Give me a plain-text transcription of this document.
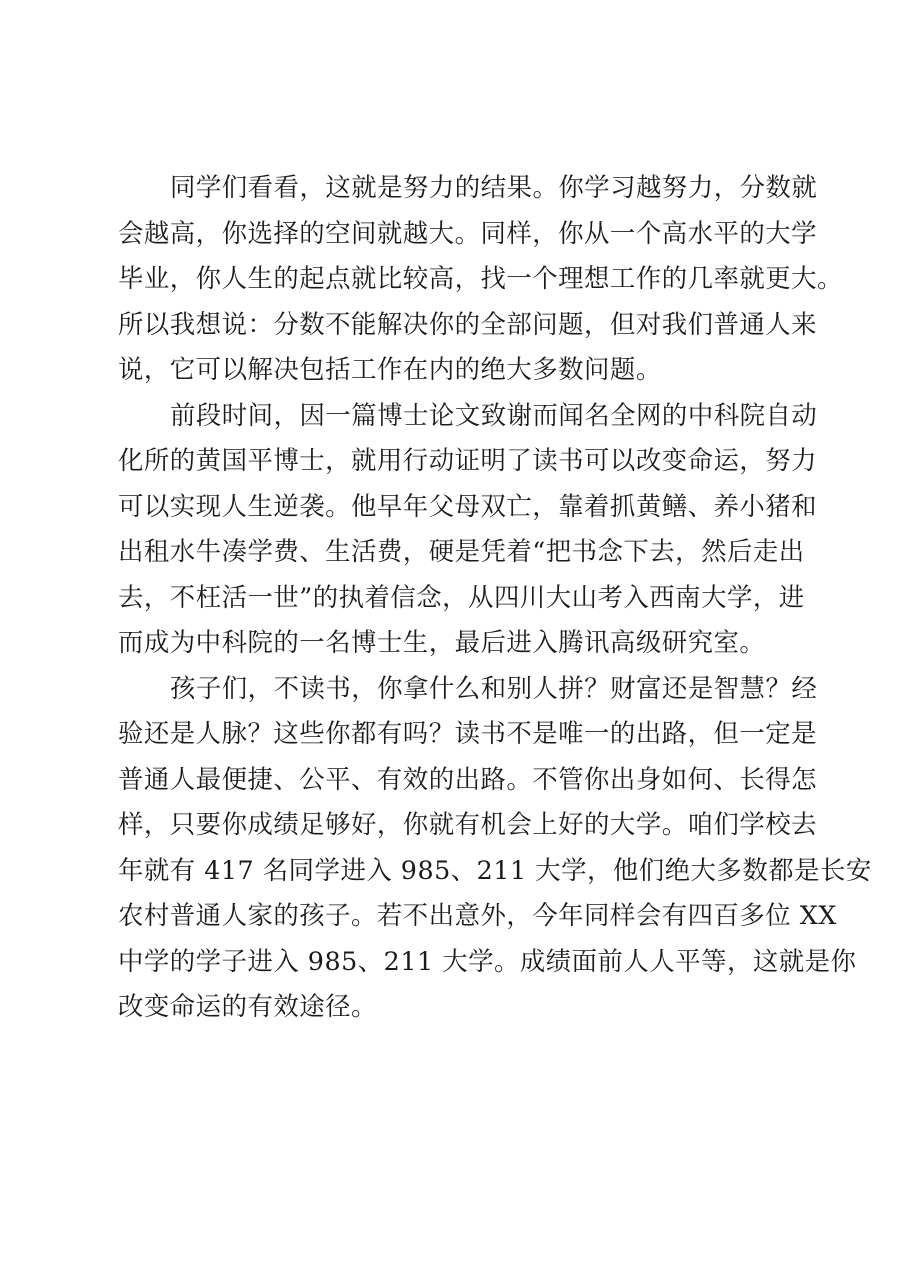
同学们看看，这就是努力的结果。你学习越努力，分数就
会越高，你选择的空间就越大。同样，你从一个高水平的大学
毕业，你人生的起点就比较高，找一个理想工作的几率就更大。
所以我想说：分数不能解决你的全部问题，但对我们普通人来
说，它可以解决包括工作在内的绝大多数问题。

前段时间，因一篇博士论文致谢而闻名全网的中科院自动
化所的黄国平博士，就用行动证明了读书可以改变命运，努力
可以实现人生逆袭。他早年父母双亡，靠着抓黄鳝、养小猪和
出租水牛凑学费、生活费，硬是凭着“把书念下去，然后走出
去，不枉活一世”的执着信念，从四川大山考入西南大学，进
而成为中科院的一名博士生，最后进入腾讯高级研究室。

孩子们，不读书，你拿什么和别人拼？财富还是智慧？经
验还是人脉？这些你都有吗？读书不是唯一的出路，但一定是
普通人最便捷、公平、有效的出路。不管你出身如何、长得怎
样，只要你成绩足够好，你就有机会上好的大学。咱们学校去
年就有 417 名同学进入 985、211 大学，他们绝大多数都是长安
农村普通人家的孩子。若不出意外，今年同样会有四百多位 XX
中学的学子进入 985、211 大学。成绩面前人人平等，这就是你
改变命运的有效途径。
